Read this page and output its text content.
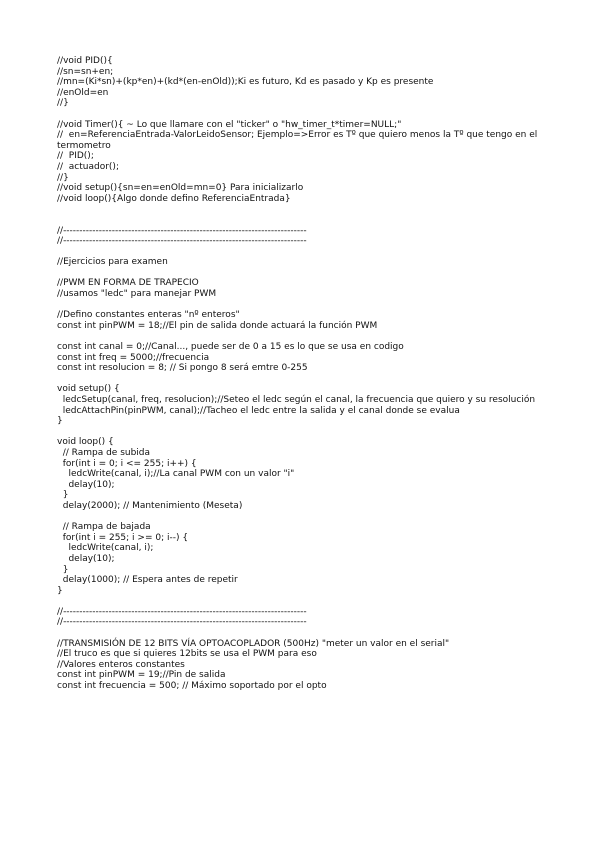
//void PID(){
//sn=sn+en;
//mn=(Ki*sn)+(kp*en)+(kd*(en-enOld));Ki es futuro, Kd es pasado y Kp es presente
//enOld=en
//}
//void Timer(){ ~ Lo que llamare con el "ticker" o "hw_timer_t*timer=NULL;"
//  en=ReferenciaEntrada-ValorLeidoSensor; Ejemplo=>Error es Tº que quiero menos la Tº que tengo en el termometro
//  PID();
//  actuador();
//}
//void setup(){sn=en=enOld=mn=0} Para inicializarlo
//void loop(){Algo donde defino ReferenciaEntrada}
//---------------------------------------------------------------------------
//---------------------------------------------------------------------------
//Ejercicios para examen
//PWM EN FORMA DE TRAPECIO
//usamos "ledc" para manejar PWM
//Defino constantes enteras "nº enteros"
const int pinPWM = 18;//El pin de salida donde actuará la función PWM
const int canal = 0;//Canal..., puede ser de 0 a 15 es lo que se usa en codigo
const int freq = 5000;//frecuencia
const int resolucion = 8; // Si pongo 8 será emtre 0-255
void setup() {
ledcSetup(canal, freq, resolucion);//Seteo el ledc según el canal, la frecuencia que quiero y su resolución
ledcAttachPin(pinPWM, canal);//Tacheo el ledc entre la salida y el canal donde se evalua
}
void loop() {
// Rampa de subida
for(int i = 0; i <= 255; i++) {
ledcWrite(canal, i);//La canal PWM con un valor "i"
delay(10);
}
delay(2000); // Mantenimiento (Meseta)
// Rampa de bajada
for(int i = 255; i >= 0; i--) {
ledcWrite(canal, i);
delay(10);
}
delay(1000); // Espera antes de repetir
}
//---------------------------------------------------------------------------
//---------------------------------------------------------------------------
//TRANSMISIÓN DE 12 BITS VÍA OPTOACOPLADOR (500Hz) "meter un valor en el serial"
//El truco es que si quieres 12bits se usa el PWM para eso
//Valores enteros constantes
const int pinPWM = 19;//Pin de salida
const int frecuencia = 500; // Máximo soportado por el opto
